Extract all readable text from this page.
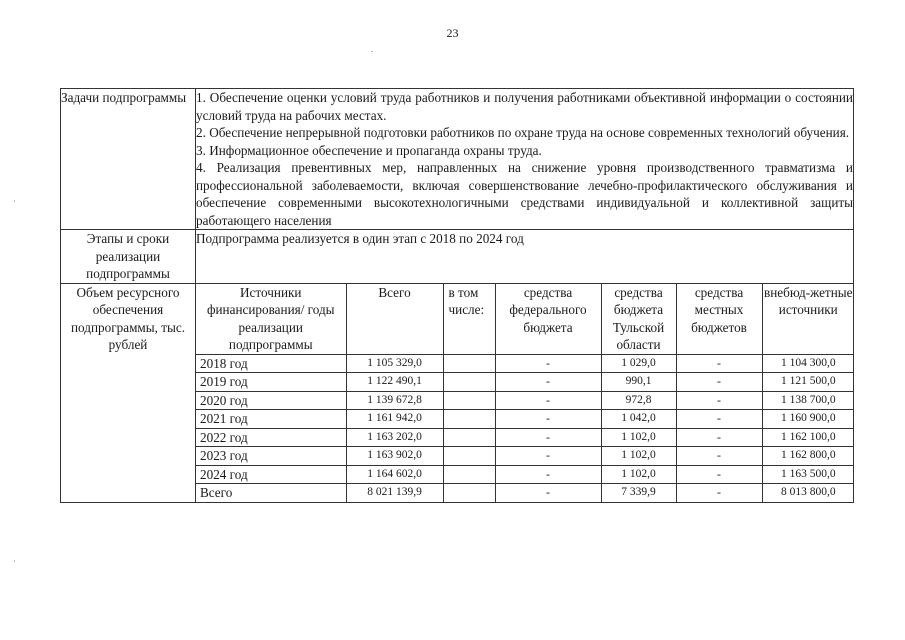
23
Задачи подпрограммы	1. Обеспечение оценки условий труда работников и получения работниками объективной информации о состоянии условий труда на рабочих местах.

2. Обеспечение непрерывной подготовки работников по охране труда на основе современных технологий обучения.

3. Информационное обеспечение и пропаганда охраны труда.

4. Реализация превентивных мер, направленных на снижение уровня производственного травматизма и профессиональной заболеваемости, включая совершенствование лечебно-профилактического обслуживания и обеспечение современными высокотехнологичными средствами индивидуальной и коллективной защиты работающего населения

Этапы и сроки реализации подпрограммы	Подпрограмма реализуется в один этап с 2018 по 2024 год
Объем ресурсного обеспечения подпрограммы, тыс. рублей	
Источники финансирования/ годы реализации подпрограммы	Всего	в том числе:	средства федерального бюджета	средства бюджета Тульской области	средства местных бюджетов	внебюд-жетные источники
2018 год	1 105 329,0		-	1 029,0	-	1 104 300,0
2019 год	1 122 490,1		-	990,1	-	1 121 500,0
2020 год	1 139 672,8		-	972,8	-	1 138 700,0
2021 год	1 161 942,0		-	1 042,0	-	1 160 900,0
2022 год	1 163 202,0		-	1 102,0	-	1 162 100,0
2023 год	1 163 902,0		-	1 102,0	-	1 162 800,0
2024 год	1 164 602,0		-	1 102,0	-	1 163 500,0
Всего	8 021 139,9		-	7 339,9	-	8 013 800,0
